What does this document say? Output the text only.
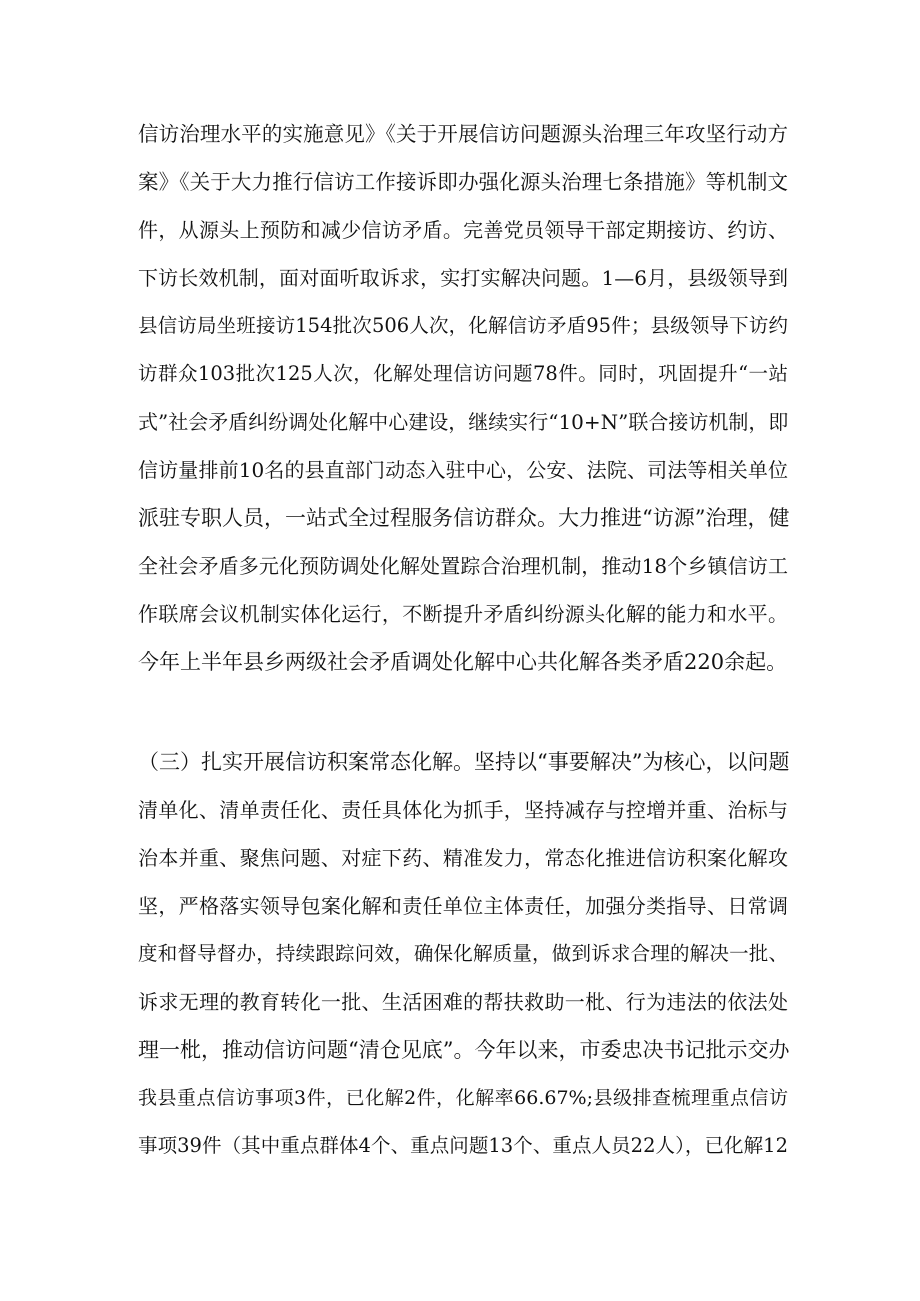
信访治理水平的实施意见》《关于开展信访问题源头治理三年攻坚行动方
案》《关于大力推行信访工作接诉即办强化源头治理七条措施》等机制文
件，从源头上预防和减少信访矛盾。完善党员领导干部定期接访、约访、
下访长效机制，面对面听取诉求，实打实解决问题。1—6月，县级领导到
县信访局坐班接访154批次506人次，化解信访矛盾95件；县级领导下访约
访群众103批次125人次，化解处理信访问题78件。同时，巩固提升“一站
式”社会矛盾纠纷调处化解中心建设，继续实行“10+N”联合接访机制，即
信访量排前10名的县直部门动态入驻中心，公安、法院、司法等相关单位
派驻专职人员，一站式全过程服务信访群众。大力推进“访源”治理，健
全社会矛盾多元化预防调处化解处置踪合治理机制，推动18个乡镇信访工
作联席会议机制实体化运行，不断提升矛盾纠纷源头化解的能力和水平。
今年上半年县乡两级社会矛盾调处化解中心共化解各类矛盾220余起。
（三）扎实开展信访积案常态化解。坚持以“事要解决”为核心，以问题
清单化、清单责任化、责任具体化为抓手，坚持减存与控增并重、治标与
治本并重、聚焦问题、对症下药、精准发力，常态化推进信访积案化解攻
坚，严格落实领导包案化解和责任单位主体责任，加强分类指导、日常调
度和督导督办，持续跟踪问效，确保化解质量，做到诉求合理的解决一批、
诉求无理的教育转化一批、生活困难的帮扶救助一枇、行为违法的依法处
理一枇，推动信访问题“清仓见底”。今年以来，市委忠决书记批示交办
我县重点信访事项3件，已化解2件，化解率66.67%;县级排查梳理重点信访
事项39件（其中重点群体4个、重点问题13个、重点人员22人），已化解12
